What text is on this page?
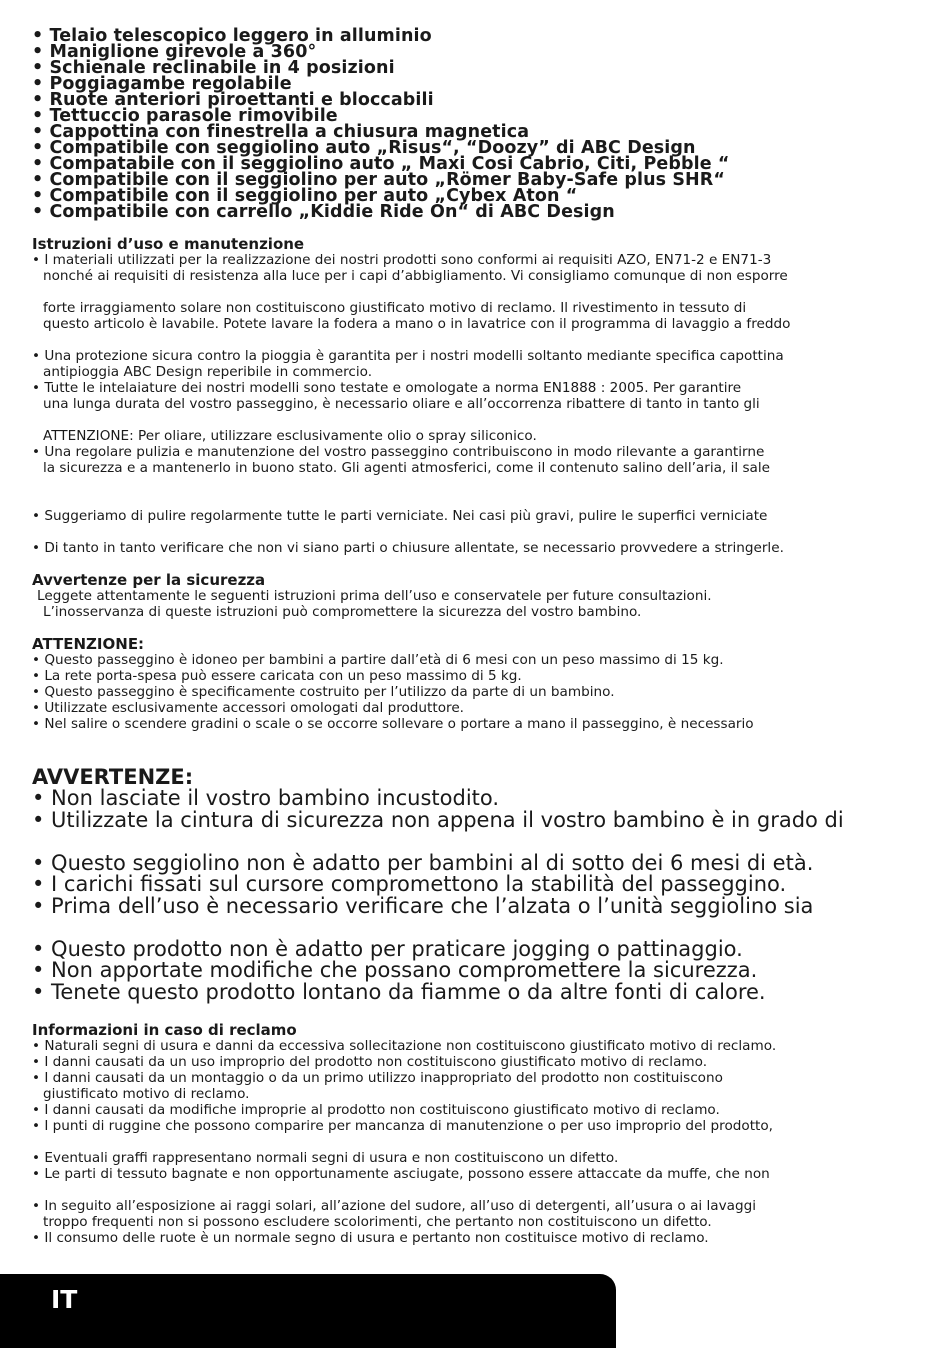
• Telaio telescopico leggero in alluminio
• Maniglione girevole a 360°
• Schienale reclinabile in 4 posizioni
• Poggiagambe regolabile
• Ruote anteriori piroettanti e bloccabili
• Tettuccio parasole rimovibile
• Cappottina con finestrella a chiusura magnetica
• Compatibile con seggiolino auto „Risus“, “Doozy” di ABC Design
• Compatabile con il seggiolino auto „ Maxi Cosi Cabrio, Citi, Pebble “
• Compatibile con il seggiolino per auto „Römer Baby-Safe plus SHR“
• Compatibile con il seggiolino per auto „Cybex Aton “
• Compatibile con carrello „Kiddie Ride On“ di ABC Design
Istruzioni d’uso e manutenzione
• I materiali utilizzati per la realizzazione dei nostri prodotti sono conformi ai requisiti AZO, EN71-2 e EN71-3
nonché ai requisiti di resistenza alla luce per i capi d’abbigliamento. Vi consigliamo comunque di non esporre
forte irraggiamento solare non costituiscono giustificato motivo di reclamo. Il rivestimento in tessuto di
questo articolo è lavabile. Potete lavare la fodera a mano o in lavatrice con il programma di lavaggio a freddo
• Una protezione sicura contro la pioggia è garantita per i nostri modelli soltanto mediante specifica capottina
antipioggia ABC Design reperibile in commercio.
• Tutte le intelaiature dei nostri modelli sono testate e omologate a norma EN1888 : 2005. Per garantire
una lunga durata del vostro passeggino, è necessario oliare e all’occorrenza ribattere di tanto in tanto gli
ATTENZIONE: Per oliare, utilizzare esclusivamente olio o spray siliconico.
• Una regolare pulizia e manutenzione del vostro passeggino contribuiscono in modo rilevante a garantirne
la sicurezza e a mantenerlo in buono stato. Gli agenti atmosferici, come il contenuto salino dell’aria, il sale
• Suggeriamo di pulire regolarmente tutte le parti verniciate. Nei casi più gravi, pulire le superfici verniciate
• Di tanto in tanto verificare che non vi siano parti o chiusure allentate, se necessario provvedere a stringerle.
Avvertenze per la sicurezza
Leggete attentamente le seguenti istruzioni prima dell’uso e conservatele per future consultazioni.
L’inosservanza di queste istruzioni può compromettere la sicurezza del vostro bambino.
ATTENZIONE:
• Questo passeggino è idoneo per bambini a partire dall’età di 6 mesi con un peso massimo di 15 kg.
• La rete porta-spesa può essere caricata con un peso massimo di 5 kg.
• Questo passeggino è specificamente costruito per l’utilizzo da parte di un bambino.
• Utilizzate esclusivamente accessori omologati dal produttore.
• Nel salire o scendere gradini o scale o se occorre sollevare o portare a mano il passeggino, è necessario
AVVERTENZE:
• Non lasciate il vostro bambino incustodito.
• Utilizzate la cintura di sicurezza non appena il vostro bambino è in grado di
• Questo seggiolino non è adatto per bambini al di sotto dei 6 mesi di età.
• I carichi fissati sul cursore compromettono la stabilità del passeggino.
• Prima dell’uso è necessario verificare che l’alzata o l’unità seggiolino sia
• Questo prodotto non è adatto per praticare jogging o pattinaggio.
• Non apportate modifiche che possano compromettere la sicurezza.
• Tenete questo prodotto lontano da fiamme o da altre fonti di calore.
Informazioni in caso di reclamo
• Naturali segni di usura e danni da eccessiva sollecitazione non costituiscono giustificato motivo di reclamo.
• I danni causati da un uso improprio del prodotto non costituiscono giustificato motivo di reclamo.
• I danni causati da un montaggio o da un primo utilizzo inappropriato del prodotto non costituiscono
giustificato motivo di reclamo.
• I danni causati da modifiche improprie al prodotto non costituiscono giustificato motivo di reclamo.
• I punti di ruggine che possono comparire per mancanza di manutenzione o per uso improprio del prodotto,
• Eventuali graffi rappresentano normali segni di usura e non costituiscono un difetto.
• Le parti di tessuto bagnate e non opportunamente asciugate, possono essere attaccate da muffe, che non
• In seguito all’esposizione ai raggi solari, all’azione del sudore, all’uso di detergenti, all’usura o ai lavaggi
troppo frequenti non si possono escludere scolorimenti, che pertanto non costituiscono un difetto.
• Il consumo delle ruote è un normale segno di usura e pertanto non costituisce motivo di reclamo.
IT
